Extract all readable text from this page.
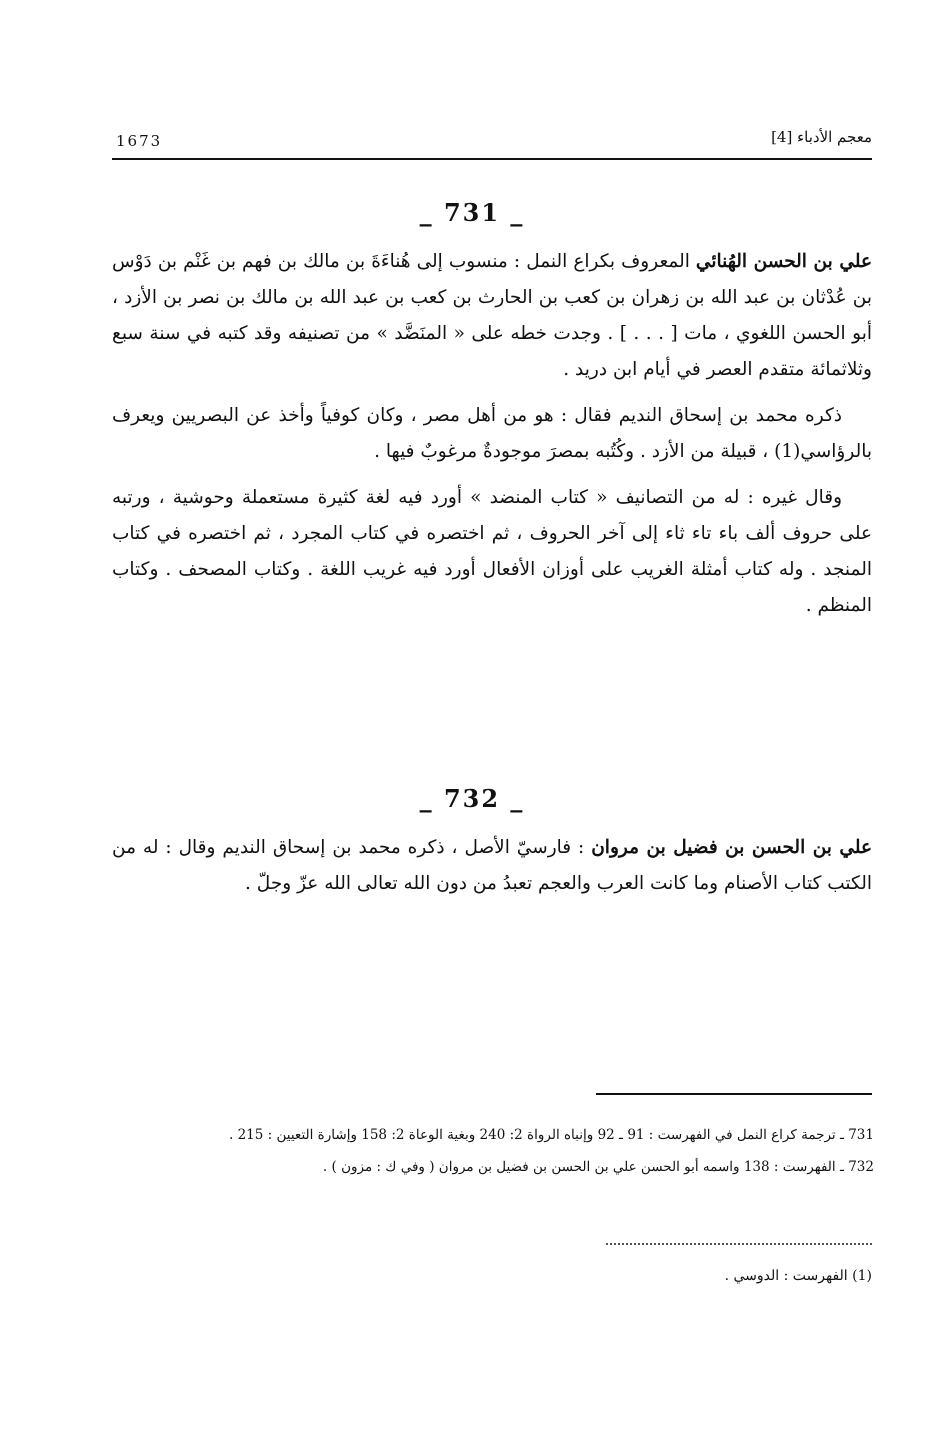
معجم الأدباء [4]
1673
_ 731 _

علي بن الحسن الهُنائي المعروف بكراع النمل : منسوب إلى هُناءَةَ بن مالك بن فهم بن غَنْم بن دَوْس بن عُدْثان بن عبد الله بن زهران بن كعب بن الحارث بن كعب بن عبد الله بن مالك بن نصر بن الأزد ، أبو الحسن اللغوي ، مات [ . . . ] . وجدت خطه على « المنَضَّد » من تصنيفه وقد كتبه في سنة سبع وثلاثمائة متقدم العصر في أيام ابن دريد .

ذكره محمد بن إسحاق النديم فقال : هو من أهل مصر ، وكان كوفياً وأخذ عن البصريين ويعرف بالرؤاسي(1) ، قبيلة من الأزد . وكُتُبه بمصرَ موجودةٌ مرغوبٌ فيها .

وقال غيره : له من التصانيف « كتاب المنضد » أورد فيه لغة كثيرة مستعملة وحوشية ، ورتبه على حروف ألف باء تاء ثاء إلى آخر الحروف ، ثم اختصره في كتاب المجرد ، ثم اختصره في كتاب المنجد . وله كتاب أمثلة الغريب على أوزان الأفعال أورد فيه غريب اللغة . وكتاب المصحف . وكتاب المنظم .

_ 732 _

علي بن الحسن بن فضيل بن مروان : فارسيّ الأصل ، ذكره محمد بن إسحاق النديم وقال : له من الكتب كتاب الأصنام وما كانت العرب والعجم تعبدُ من دون الله تعالى الله عزّ وجلّ .

731 ـ ترجمة كراع النمل في الفهرست : 91 ـ 92 وإنباه الرواة 2: 240 وبغية الوعاة 2: 158 وإشارة التعيين : 215 .

732 ـ الفهرست : 138 واسمه أبو الحسن علي بن الحسن بن فضيل بن مروان ( وفي ك : مزون ) .

(1) الفهرست : الدوسي .
